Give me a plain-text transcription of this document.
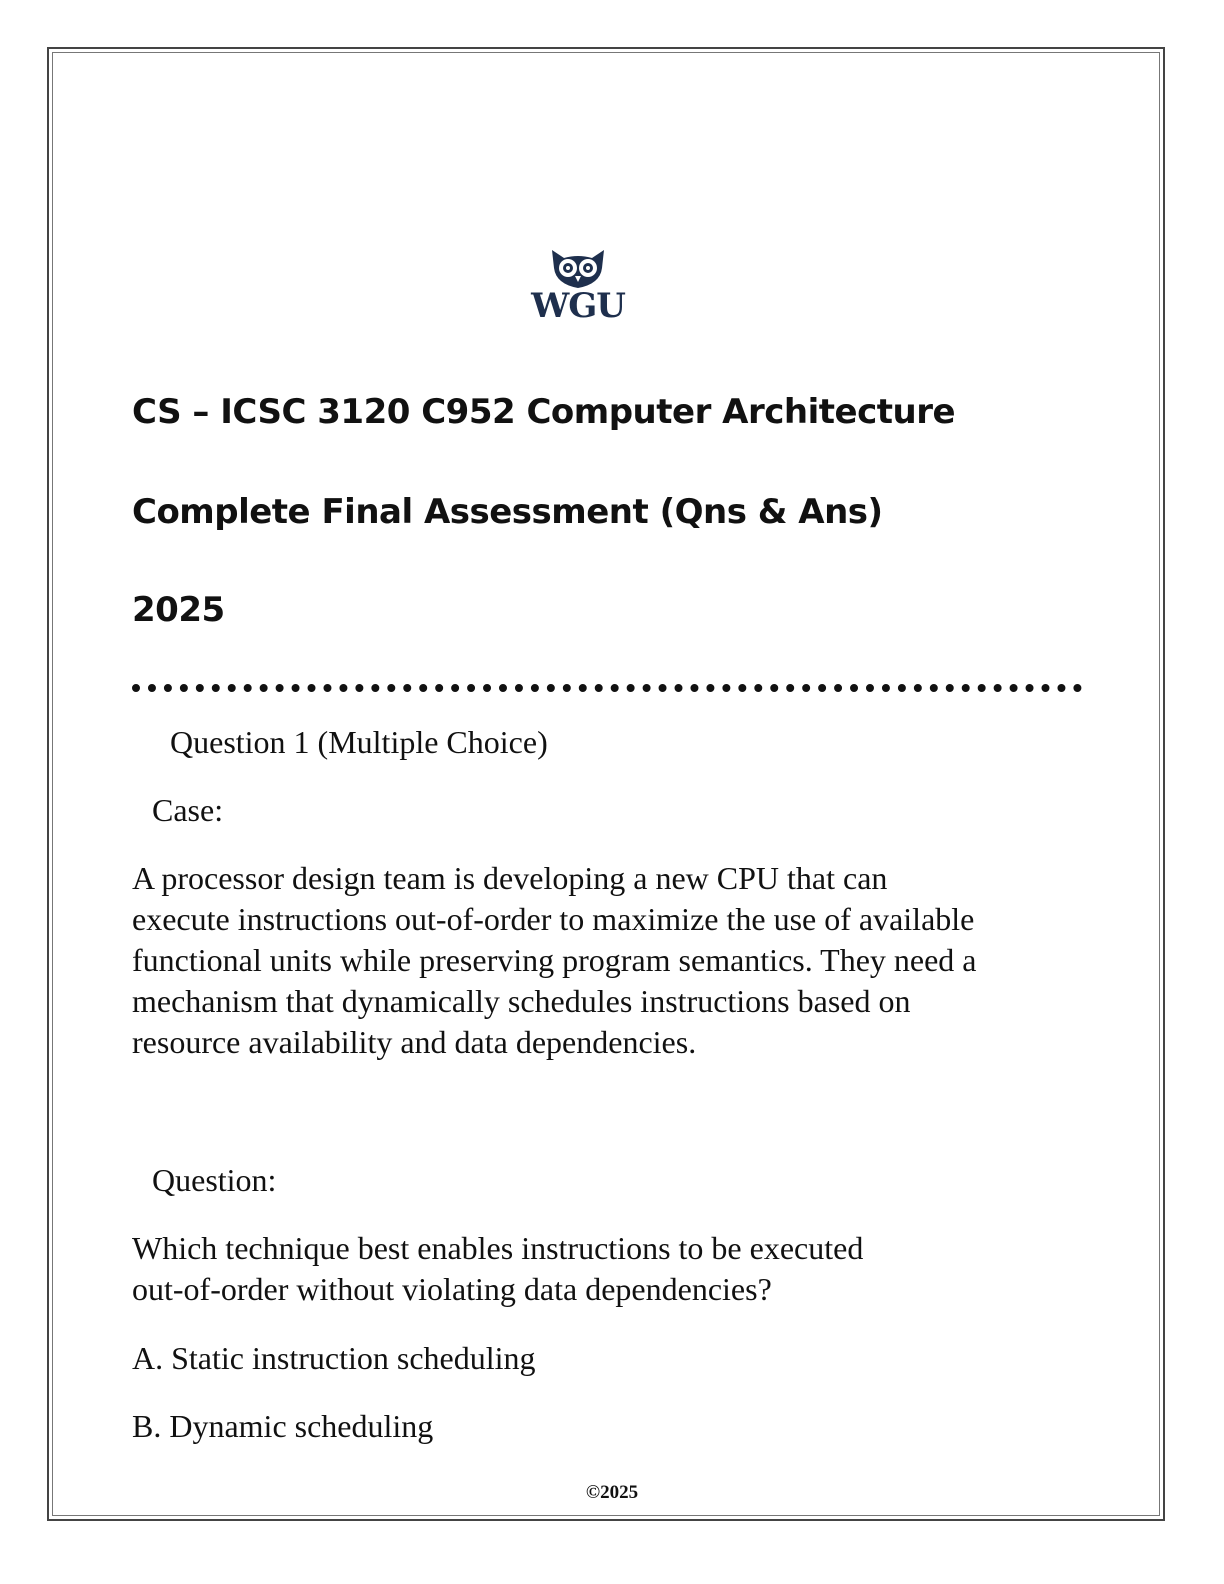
WGU
CS – ICSC 3120 C952 Computer Architecture
Complete Final Assessment (Qns & Ans)
2025
Question 1 (Multiple Choice)
Case:
A processor design team is developing a new CPU that can
execute instructions out-of-order to maximize the use of available
functional units while preserving program semantics. They need a
mechanism that dynamically schedules instructions based on
resource availability and data dependencies.
Question:
Which technique best enables instructions to be executed
out-of-order without violating data dependencies?
A. Static instruction scheduling
B. Dynamic scheduling
©2025
